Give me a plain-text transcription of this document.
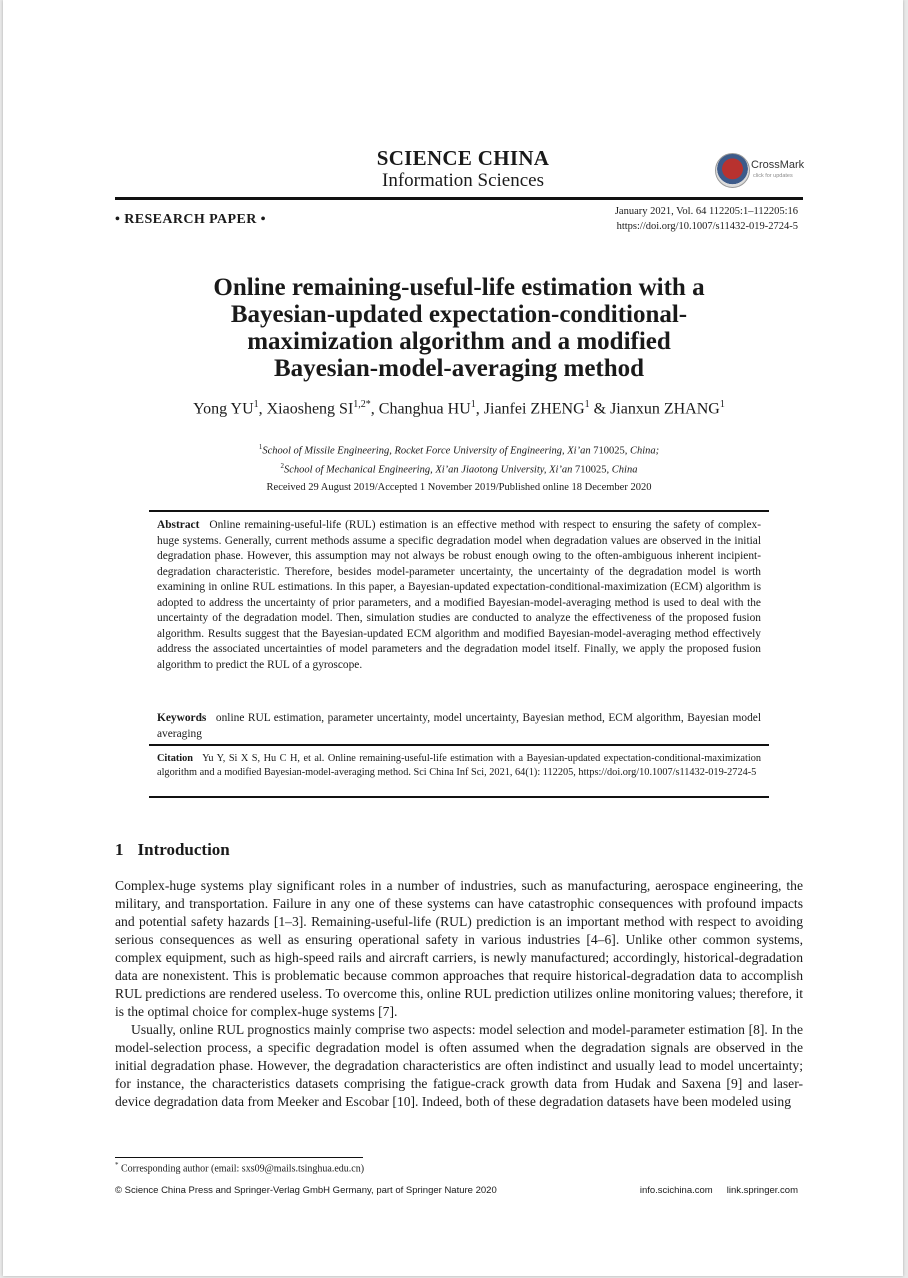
SCIENCE CHINA
Information Sciences
CrossMark
click for updates
• RESEARCH PAPER •
January 2021, Vol. 64 112205:1–112205:16
https://doi.org/10.1007/s11432-019-2724-5
Online remaining-useful-life estimation with a
Bayesian-updated expectation-conditional-
maximization algorithm and a modified
Bayesian-model-averaging method
Yong $YU^1$, Xiaosheng $SI^{1,2*}$, Changhua $HU^1$, Jianfei ZHENG$^1$ & Jianxun ZHANG$^1$
$^1$School of Missile Engineering, Rocket Force University of Engineering, Xi’an 710025, China;
$^2$School of Mechanical Engineering, Xi’an Jiaotong University, Xi’an 710025, China
Received 29 August 2019/Accepted 1 November 2019/Published online 18 December 2020
Abstract Online remaining-useful-life (RUL) estimation is an effective method with respect to ensuring the safety of complex-huge systems. Generally, current methods assume a specific degradation model when degradation values are observed in the initial degradation phase. However, this assumption may not always be robust enough owing to the often-ambiguous inherent incipient-degradation characteristic. Therefore, besides model-parameter uncertainty, the uncertainty of the degradation model is worth examining in online RUL estimations. In this paper, a Bayesian-updated expectation-conditional-maximization (ECM) algorithm is adopted to address the uncertainty of prior parameters, and a modified Bayesian-model-averaging method is used to deal with the uncertainty of the degradation model. Then, simulation studies are conducted to analyze the effectiveness of the proposed fusion algorithm. Results suggest that the Bayesian-updated ECM algorithm and modified Bayesian-model-averaging method effectively address the associated uncertainties of model parameters and the degradation model itself. Finally, we apply the proposed fusion algorithm to predict the RUL of a gyroscope.
Keywords online RUL estimation, parameter uncertainty, model uncertainty, Bayesian method, ECM algorithm, Bayesian model averaging
Citation Yu Y, Si X S, Hu C H, et al. Online remaining-useful-life estimation with a Bayesian-updated expectation-conditional-maximization algorithm and a modified Bayesian-model-averaging method. Sci China Inf Sci, 2021, 64(1): 112205, https://doi.org/10.1007/s11432-019-2724-5
1 Introduction

Complex-huge systems play significant roles in a number of industries, such as manufacturing, aerospace engineering, the military, and transportation. Failure in any one of these systems can have catastrophic consequences with profound impacts and potential safety hazards [1–3]. Remaining-useful-life (RUL) prediction is an important method with respect to avoiding serious consequences as well as ensuring operational safety in various industries [4–6]. Unlike other common systems, complex equipment, such as high-speed rails and aircraft carriers, is newly manufactured; accordingly, historical-degradation data are nonexistent. This is problematic because common approaches that require historical-degradation data to accomplish RUL predictions are rendered useless. To overcome this, online RUL prediction utilizes online monitoring values; therefore, it is the optimal choice for complex-huge systems [7].

Usually, online RUL prognostics mainly comprise two aspects: model selection and model-parameter estimation [8]. In the model-selection process, a specific degradation model is often assumed when the degradation signals are observed in the initial degradation phase. However, the degradation characteristics are often indistinct and usually lead to model uncertainty; for instance, the characteristics datasets comprising the fatigue-crack growth data from Hudak and Saxena [9] and laser-device degradation data from Meeker and Escobar [10]. Indeed, both of these degradation datasets have been modeled using

* Corresponding author (email: sxs09@mails.tsinghua.edu.cn)
© Science China Press and Springer-Verlag GmbH Germany, part of Springer Nature 2020	info.scichina.com link.springer.com
